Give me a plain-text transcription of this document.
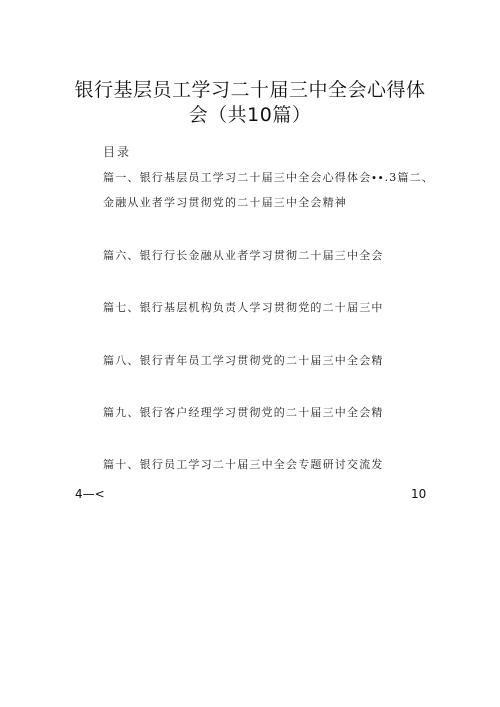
银行基层员工学习二十届三中全会心得体
会（共10篇）
目录
篇一、银行基层员工学习二十届三中全会心得体会∙∙.3篇二、
金融从业者学习贯彻党的二十届三中全会精神
篇六、银行行长金融从业者学习贯彻二十届三中全会
篇七、银行基层机构负责人学习贯彻党的二十届三中
篇八、银行青年员工学习贯彻党的二十届三中全会精
篇九、银行客户经理学习贯彻党的二十届三中全会精
篇十、银行员工学习二十届三中全会专题研讨交流发
4—<	10
